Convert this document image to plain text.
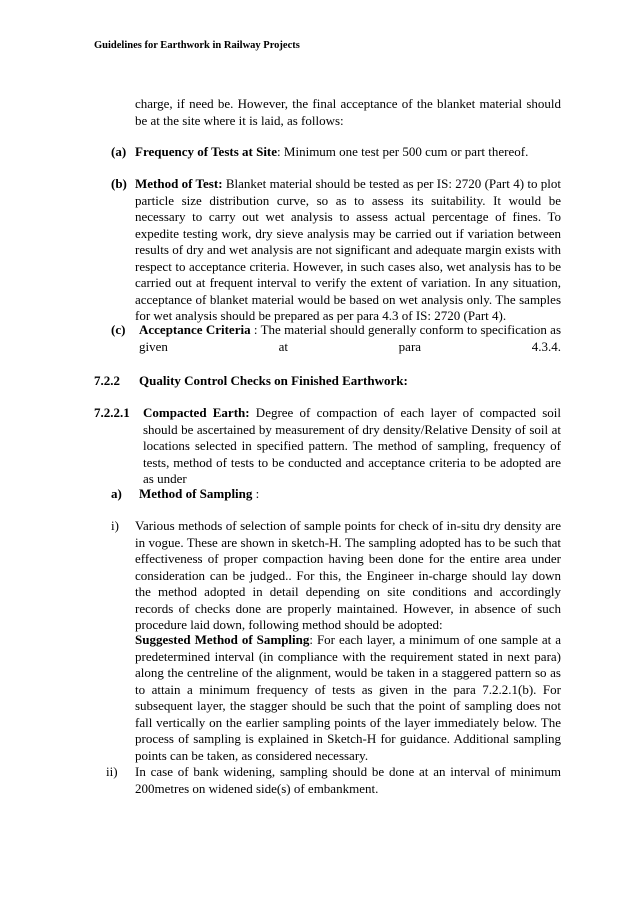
Guidelines for Earthwork in Railway Projects
charge, if need be. However, the final acceptance of the blanket material should be at the site where it is laid, as follows:
(a) Frequency of Tests at Site: Minimum one test per 500 cum or part thereof.
(b) Method of Test: Blanket material should be tested as per IS: 2720 (Part 4) to plot particle size distribution curve, so as to assess its suitability. It would be necessary to carry out wet analysis to assess actual percentage of fines. To expedite testing work, dry sieve analysis may be carried out if variation between results of dry and wet analysis are not significant and adequate margin exists with respect to acceptance criteria. However, in such cases also, wet analysis has to be carried out at frequent interval to verify the extent of variation. In any situation, acceptance of blanket material would be based on wet analysis only. The samples for wet analysis should be prepared as per para 4.3 of IS: 2720 (Part 4).
(c) Acceptance Criteria : The material should generally conform to specification as given at para 4.3.4.
7.2.2 Quality Control Checks on Finished Earthwork:
7.2.2.1 Compacted Earth: Degree of compaction of each layer of compacted soil should be ascertained by measurement of dry density/Relative Density of soil at locations selected in specified pattern. The method of sampling, frequency of tests, method of tests to be conducted and acceptance criteria to be adopted are as under
a) Method of Sampling :
i) Various methods of selection of sample points for check of in-situ dry density are in vogue. These are shown in sketch-H. The sampling adopted has to be such that effectiveness of proper compaction having been done for the entire area under consideration can be judged.. For this, the Engineer in-charge should lay down the method adopted in detail depending on site conditions and accordingly records of checks done are properly maintained. However, in absence of such procedure laid down, following method should be adopted:
Suggested Method of Sampling: For each layer, a minimum of one sample at a predetermined interval (in compliance with the requirement stated in next para) along the centreline of the alignment, would be taken in a staggered pattern so as to attain a minimum frequency of tests as given in the para 7.2.2.1(b). For subsequent layer, the stagger should be such that the point of sampling does not fall vertically on the earlier sampling points of the layer immediately below. The process of sampling is explained in Sketch-H for guidance. Additional sampling points can be taken, as considered necessary.
ii) In case of bank widening, sampling should be done at an interval of minimum 200metres on widened side(s) of embankment.
